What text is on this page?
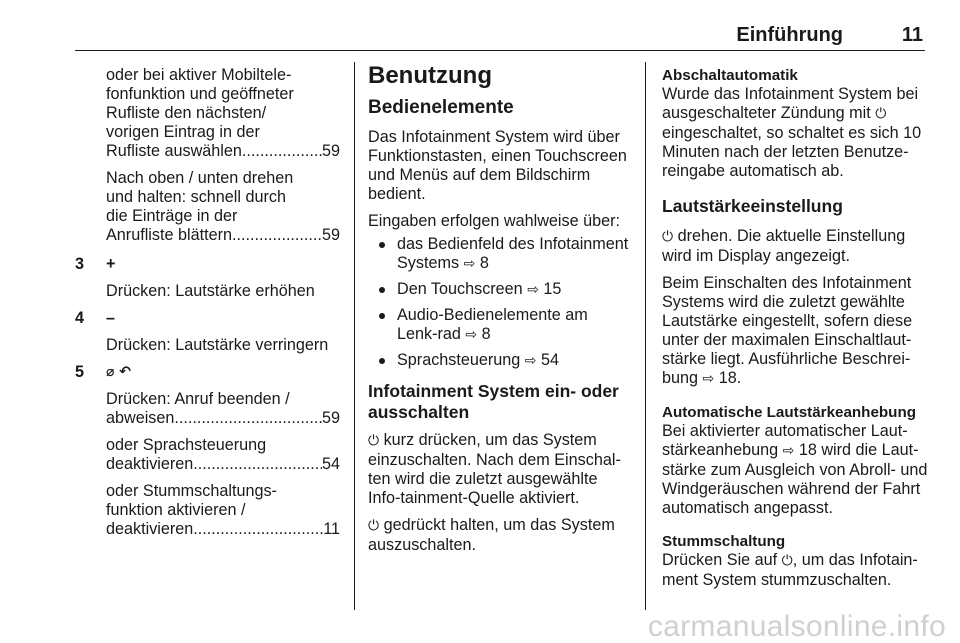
Einführung	11
oder bei aktiver Mobiltele-
fonfunktion und geöffneter
Rufliste den nächsten/
vorigen Eintrag in der
Rufliste auswählen .....	59
Nach oben / unten drehen
und halten: schnell durch
die Einträge in der
Anrufliste blättern .....	59
3	+
Drücken: Lautstärke erhöhen
4	–
Drücken: Lautstärke verringern
5	⌀ ↶
Drücken: Anruf beenden /
abweisen .....	59
oder Sprachsteuerung
deaktivieren .....	54
oder Stummschaltungs-
funktion aktivieren /
deaktivieren .....	11
Benutzung
Bedienelemente

Das Infotainment System wird über Funktionstasten, einen Touchscreen und Menüs auf dem Bildschirm bedient.

Eingaben erfolgen wahlweise über:

das Bedienfeld des Infotainment Systems ⇨ 8
Den Touchscreen ⇨ 15
Audio-Bedienelemente am Lenk-rad ⇨ 8
Sprachsteuerung ⇨ 54
Infotainment System ein- oder ausschalten

⏻ kurz drücken, um das System einzuschalten. Nach dem Einschal-ten wird die zuletzt ausgewählte Info-tainment-Quelle aktiviert.

⏻ gedrückt halten, um das System auszuschalten.

Abschaltautomatik

Wurde das Infotainment System bei ausgeschalteter Zündung mit ⏻ eingeschaltet, so schaltet es sich 10 Minuten nach der letzten Benutze-reingabe automatisch ab.

Lautstärkeeinstellung

⏻ drehen. Die aktuelle Einstellung wird im Display angezeigt.

Beim Einschalten des Infotainment Systems wird die zuletzt gewählte Lautstärke eingestellt, sofern diese unter der maximalen Einschaltlaut-stärke liegt. Ausführliche Beschrei-bung ⇨ 18.

Automatische Lautstärkeanhebung

Bei aktivierter automatischer Laut-stärkeanhebung ⇨ 18 wird die Laut-stärke zum Ausgleich von Abroll- und Windgeräuschen während der Fahrt automatisch angepasst.

Stummschaltung

Drücken Sie auf ⏻, um das Infotain-ment System stummzuschalten.

carmanualsonline.info
